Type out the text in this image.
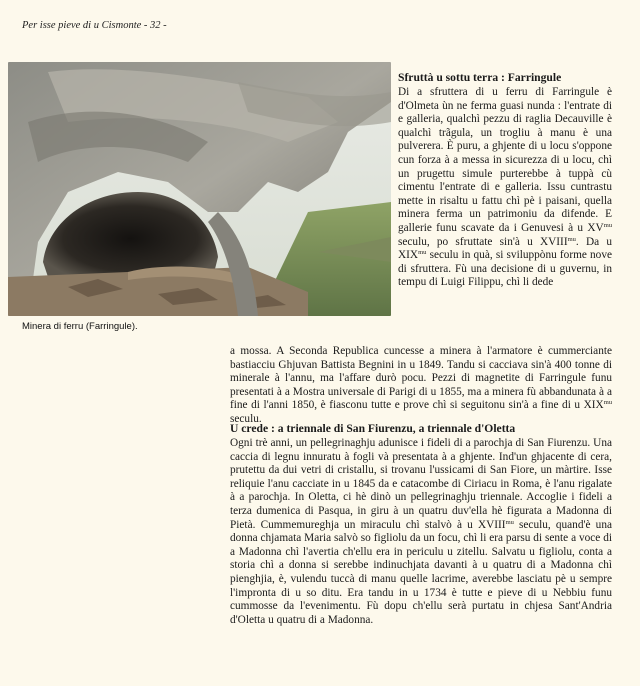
Per isse pieve di u Cismonte - 32 -
Minera di ferru (Farringule).
Sfruttà u sottu terra : Farringule

Di a sfruttera di u ferru di Farringule è d'Olmeta ùn ne ferma guasi nunda : l'entrate di e galleria, qualchì pezzu di raglia Decauville è qualchì trãgula, un trogliu à manu è una pulverera. È puru, a ghjente di u locu s'oppone cun forza à a messa in sicurezza di u locu, chì un prugettu simule purterebbe à tuppà cù cimentu l'entrate di e galleria. Issu cuntrastu mette in risaltu u fattu chì pè i paisani, quella minera ferma un patrimoniu da difende. E gallerie funu scavate da i Genuvesi à u $XV^{mu}$ seculu, po sfruttate sin'à u $XVIII^{mu}$. Da u $XIX^{mu}$ seculu in quà, si sviluppònu forme nove di sfruttera. Fù una decisione di u guvernu, in tempu di Luigi Filippu, chì li dede

a mossa. A Seconda Republica cuncesse a minera à l'armatore è cummerciante bastiacciu Ghjuvan Battista Begnini in u 1849. Tandu si cacciava sin'à 400 tonne di minerale à l'annu, ma l'affare durò pocu. Pezzi di magnetite di Farringule funu presentati à a Mostra universale di Parigi di u 1855, ma a minera fù abbandunata à a fine di l'anni 1850, è fiasconu tutte e prove chì si seguitonu sin'à a fine di u $XIX^{mu}$ seculu.

U crede : a triennale di San Fiurenzu, a triennale d'Oletta

Ogni trè anni, un pellegrinaghju adunisce i fideli di a parochja di San Fiurenzu. Una caccia di legnu innuratu à fogli và presentata à a ghjente. Ind'un ghjacente di cera, prutettu da dui vetri di cristallu, si trovanu l'ussicami di San Fiore, un màrtire. Isse reliquie l'anu cacciate in u 1845 da e catacombe di Ciriacu in Roma, è l'anu rigalate à a parochja. In Oletta, ci hè dinò un pellegrinaghju triennale. Accoglie i fideli a terza dumenica di Pasqua, in giru à un quatru duv'ella hè figurata a Madonna di Pietà. Cummemureghja un miraculu chì stalvò à u $XVIII^{mu}$ seculu, quand'è una donna chjamata Maria salvò so figliolu da un focu, chì li era parsu di sente a voce di a Madonna chì l'avertia ch'ellu era in periculu u zitellu. Salvatu u figliolu, conta a storia chì a donna si serebbe indinuchjata davanti à u quatru di a Madonna chì pienghjia, è, vulendu tuccà di manu quelle lacrime, averebbe lasciatu pè u sempre l'impronta di u so ditu. Era tandu in u 1734 è tutte e pieve di u Nebbiu funu cummosse da l'evenimentu. Fù dopu ch'ellu serà purtatu in chjesa Sant'Andria d'Oletta u quatru di a Madonna.
